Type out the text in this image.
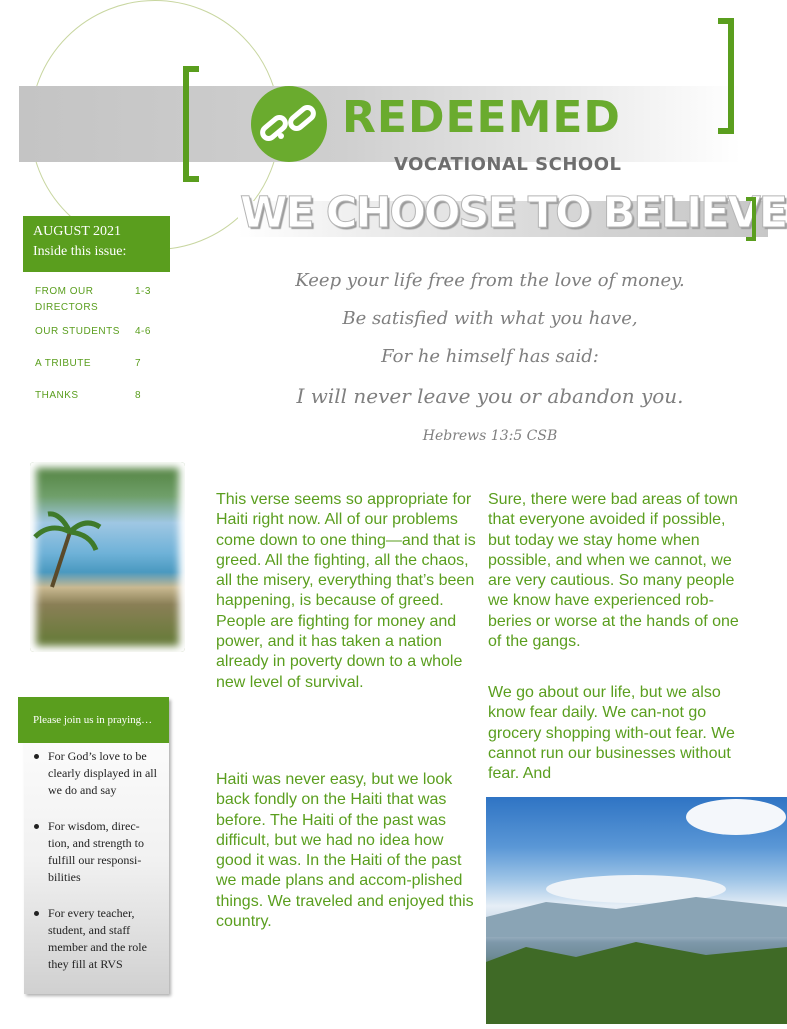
REDEEMED
VOCATIONAL SCHOOL
WE CHOOSE TO BELIEVE
AUGUST 2021
Inside this issue:
FROM OUR DIRECTORS1-3
OUR STUDENTS 4-6
A TRIBUTE	7
THANKS	8

Keep your life free from the love of money.

Be satisfied with what you have,

For he himself has said:

I will never leave you or abandon you.

Hebrews 13:5 CSB

Please join us in praying…
For God’s love to be clearly displayed in all we do and say
For wisdom, direc-tion, and strength to fulfill our responsi-bilities
For every teacher, student, and staff member and the role they fill at RVS

This verse seems so appropriate for Haiti right now. All of our problems come down to one thing—and that is greed. All the fighting, all the chaos, all the misery, everything that’s been happening, is because of greed. People are fighting for money and power, and it has taken a nation already in poverty down to a whole new level of survival.

Haiti was never easy, but we look back fondly on the Haiti that was before. The Haiti of the past was difficult, but we had no idea how good it was. In the Haiti of the past we made plans and accom-plished things. We traveled and enjoyed this country.

Sure, there were bad areas of town that everyone avoided if possible, but today we stay home when possible, and when we cannot, we are very cautious. So many people we know have experienced rob-beries or worse at the hands of one of the gangs.

We go about our life, but we also know fear daily. We can-not go grocery shopping with-out fear. We cannot run our businesses without fear. And
